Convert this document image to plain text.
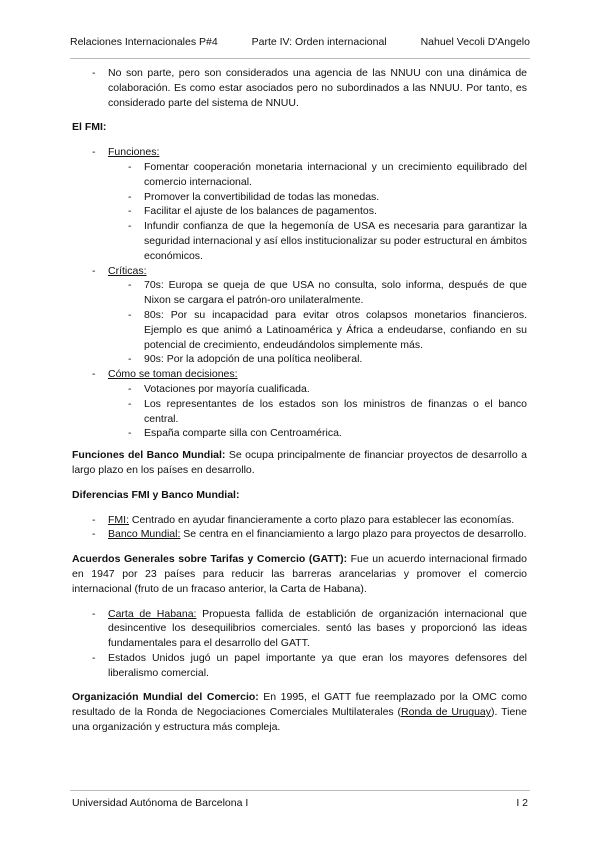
Relaciones Internacionales P#4	Parte IV: Orden internacional	Nahuel Vecoli D'Angelo
- No son parte, pero son considerados una agencia de las NNUU con una dinámica de colaboración. Es como estar asociados pero no subordinados a las NNUU. Por tanto, es considerado parte del sistema de NNUU.

El FMI:

- Funciones:
- Fomentar cooperación monetaria internacional y un crecimiento equilibrado del comercio internacional.
- Promover la convertibilidad de todas las monedas.
- Facilitar el ajuste de los balances de pagamentos.
- Infundir confianza de que la hegemonía de USA es necesaria para garantizar la seguridad internacional y así ellos institucionalizar su poder estructural en ámbitos económicos.
- Críticas:
- 70s: Europa se queja de que USA no consulta, solo informa, después de que Nixon se cargara el patrón-oro unilateralmente.
- 80s: Por su incapacidad para evitar otros colapsos monetarios financieros. Ejemplo es que animó a Latinoamérica y África a endeudarse, confiando en su potencial de crecimiento, endeudándolos simplemente más.
- 90s: Por la adopción de una política neoliberal.
- Cómo se toman decisiones:
- Votaciones por mayoría cualificada.
- Los representantes de los estados son los ministros de finanzas o el banco central.
- España comparte silla con Centroamérica.

Funciones del Banco Mundial: Se ocupa principalmente de financiar proyectos de desarrollo a largo plazo en los países en desarrollo.

Diferencias FMI y Banco Mundial:

- FMI: Centrado en ayudar financieramente a corto plazo para establecer las economías.
- Banco Mundial: Se centra en el financiamiento a largo plazo para proyectos de desarrollo.

Acuerdos Generales sobre Tarifas y Comercio (GATT): Fue un acuerdo internacional firmado en 1947 por 23 países para reducir las barreras arancelarias y promover el comercio internacional (fruto de un fracaso anterior, la Carta de Habana).

- Carta de Habana: Propuesta fallida de establición de organización internacional que desincentive los desequilibrios comerciales. sentó las bases y proporcionó las ideas fundamentales para el desarrollo del GATT.
- Estados Unidos jugó un papel importante ya que eran los mayores defensores del liberalismo comercial.

Organización Mundial del Comercio: En 1995, el GATT fue reemplazado por la OMC como resultado de la Ronda de Negociaciones Comerciales Multilaterales (Ronda de Uruguay). Tiene una organización y estructura más compleja.

Universidad Autónoma de Barcelona I	I 2
